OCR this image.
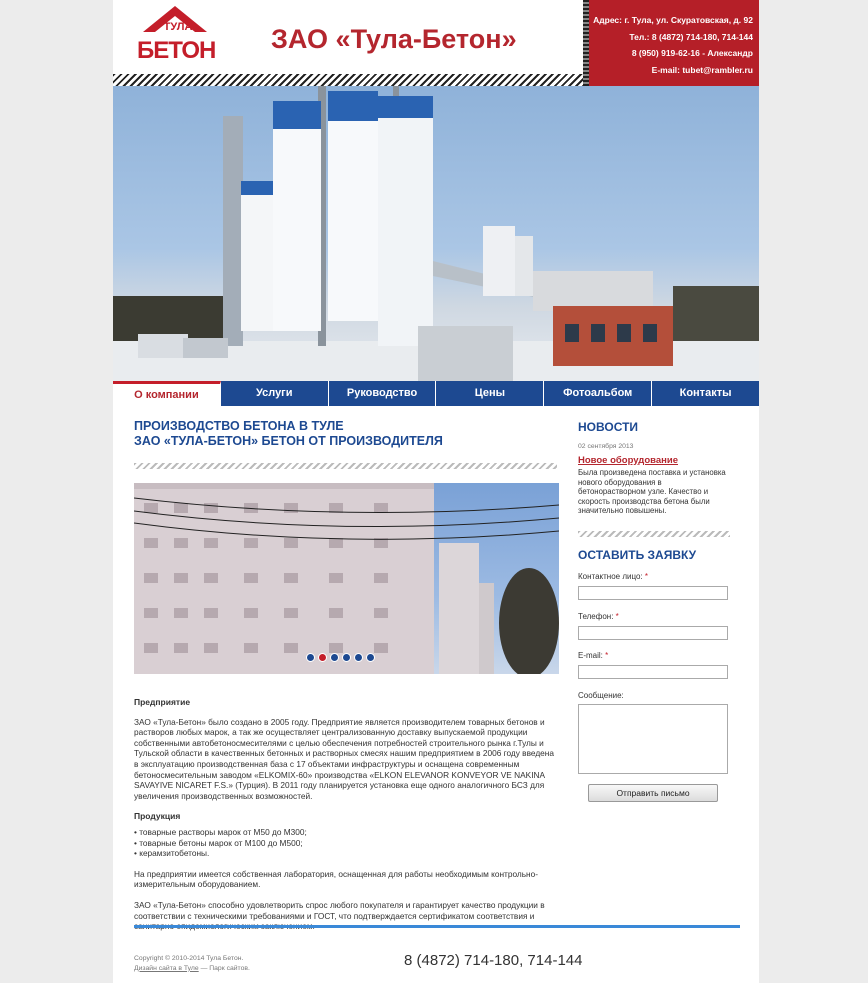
ТУЛА
БЕТОН ЗАО «Тула-Бетон»
Адрес: г. Тула, ул. Скуратовская, д. 92
Тел.: 8 (4872) 714-180, 714-144
8 (950) 919-62-16 - Александр
E-mail: tubet@rambler.ru
О компании	Услуги	Руководство	Цены	Фотоальбом	Контакты
ПРОИЗВОДСТВО БЕТОНА В ТУЛЕ
ЗАО «ТУЛА-БЕТОН» БЕТОН ОТ ПРОИЗВОДИТЕЛЯ
Предприятие

ЗАО «Тула-Бетон» было создано в 2005 году. Предприятие является производителем товарных бетонов и растворов любых марок, а так же осуществляет централизованную доставку выпускаемой продукции собственными автобетоносмесителями с целью обеспечения потребностей строительного рынка г.Тулы и Тульской области в качественных бетонных и растворных смесях нашим предприятием в 2006 году введена в эксплуатацию производственная база с 17 объектами инфраструктуры и оснащена современным бетоносмесительным заводом «ELKOMIX-60» производства «ELKON ELEVANOR KONVEYOR VE NAKINA SAVAYIVE NICARET F.S.» (Турция). В 2011 году планируется установка еще одного аналогичного БСЗ для увеличения производственных возможностей.

Продукция
• товарные растворы марок от М50 до М300;
• товарные бетоны марок от М100 до М500;
• керамзитобетоны.

На предприятии имеется собственная лаборатория, оснащенная для работы необходимым контрольно-измерительным оборудованием.

ЗАО «Тула-Бетон» способно удовлетворить спрос любого покупателя и гарантирует качество продукции в соответствии с техническими требованиями и ГОСТ, что подтверждается сертификатом соответствия и

Copyright © 2010-2014 Тула Бетон.
Дизайн сайта в Туле — Парк сайтов.	8 (4872) 714-180, 714-144
НОВОСТИ
02 сентября 2013
Новое оборудование
Была произведена поставка и установка нового оборудования в бетонорастворном узле. Качество и скорость производства бетона были значительно повышены.
ОСТАВИТЬ ЗАЯВКУ
Контактное лицо: *
Телефон: *
E-mail: *
Сообщение:
Отправить письмо
